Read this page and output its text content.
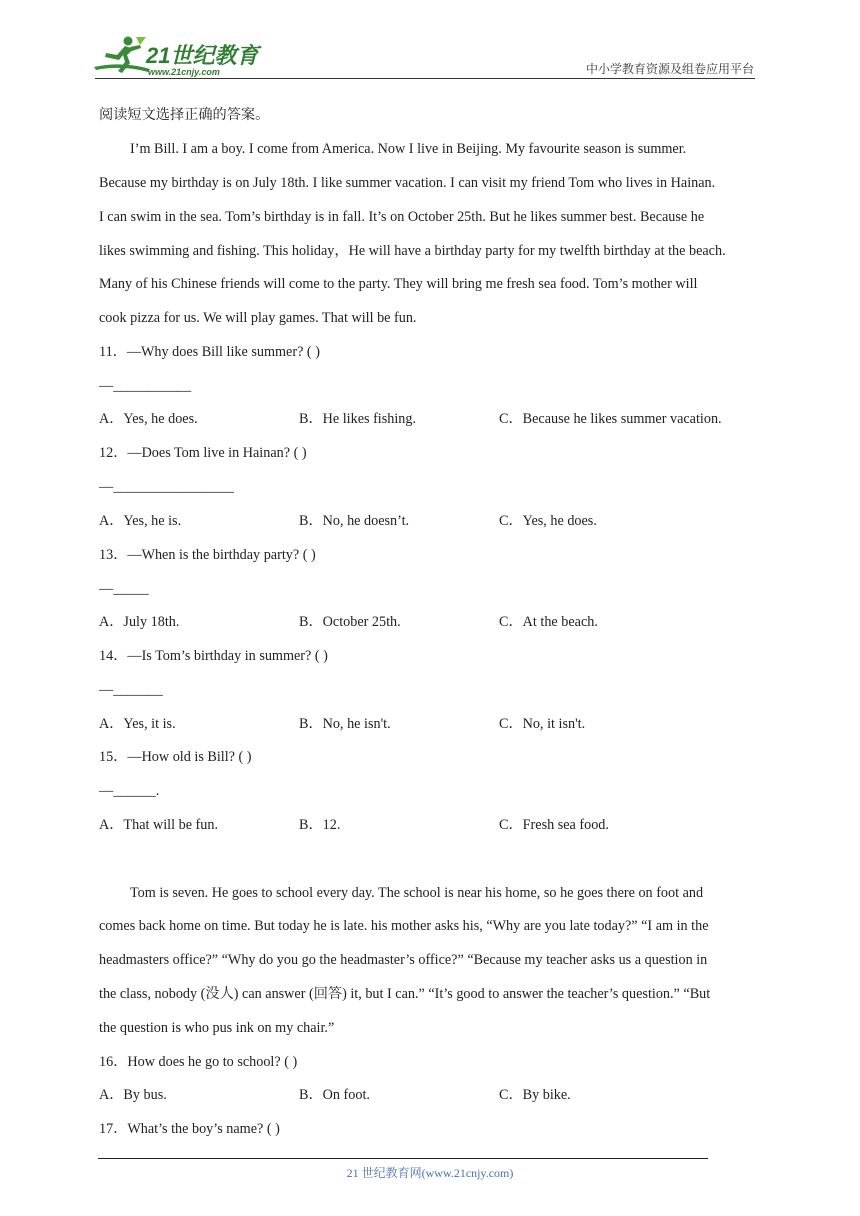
21世纪教育
www.21cnjy.com	中小学教育资源及组卷应用平台
阅读短文选择正确的答案。
I’m Bill. I am a boy. I come from America. Now I live in Beijing. My favourite season is summer.
Because my birthday is on July 18th. I like summer vacation. I can visit my friend Tom who lives in Hainan.
I can swim in the sea. Tom’s birthday is in fall. It’s on October 25th. But he likes summer best. Because he
likes swimming and fishing. This holiday，He will have a birthday party for my twelfth birthday at the beach.
Many of his Chinese friends will come to the party. They will bring me fresh sea food. Tom’s mother will
cook pizza for us. We will play games. That will be fun.
11．—Why does Bill like summer? ( )
—___________
A．Yes, he does.	B．He likes fishing.	C．Because he likes summer vacation.
12．—Does Tom live in Hainan? ( )
—_________________
A．Yes, he is.	B．No, he doesn’t.	C．Yes, he does.
13．—When is the birthday party? ( )
—_____
A．July 18th.	B．October 25th.	C．At the beach.
14．—Is Tom’s birthday in summer? ( )
—_______
A．Yes, it is.	B．No, he isn't.	C．No, it isn't.
15．—How old is Bill? ( )
—______.
A．That will be fun.	B．12.	C．Fresh sea food.
Tom is seven. He goes to school every day. The school is near his home, so he goes there on foot and
comes back home on time. But today he is late. his mother asks his, “Why are you late today?” “I am in the
headmasters office?” “Why do you go the headmaster’s office?” “Because my teacher asks us a question in
the class, nobody (没人) can answer (回答) it, but I can.” “It’s good to answer the teacher’s question.” “But
the question is who pus ink on my chair.”
16．How does he go to school? ( )
A．By bus.	B．On foot.	C．By bike.
17．What’s the boy’s name? ( )
21 世纪教育网(www.21cnjy.com)
